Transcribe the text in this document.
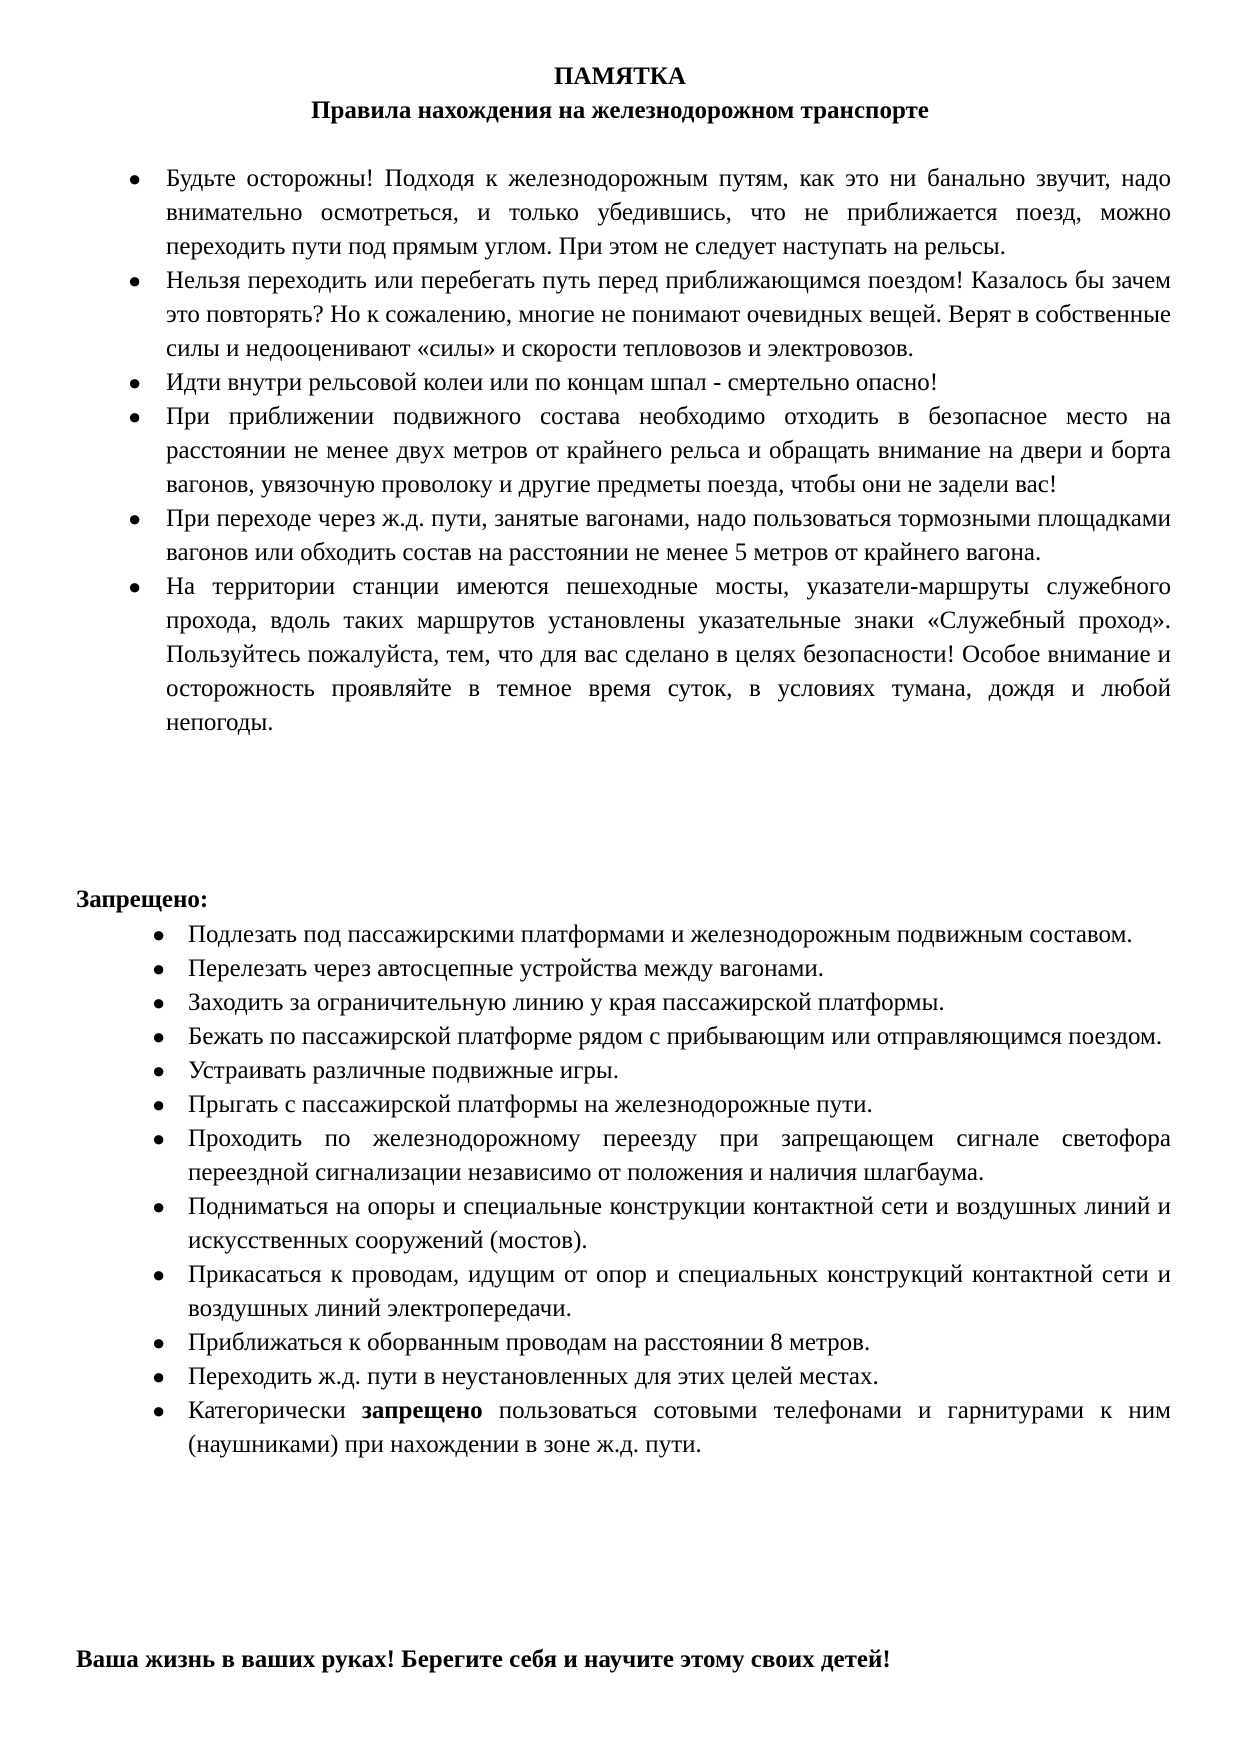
ПАМЯТКА
Правила нахождения на железнодорожном транспорте
● Будьте осторожны! Подходя к железнодорожным путям, как это ни банально звучит, надо внимательно осмотреться, и только убедившись, что не приближается поезд, можно переходить пути под прямым углом. При этом не следует наступать на рельсы.
● Нельзя переходить или перебегать путь перед приближающимся поездом! Казалось бы зачем это повторять? Но к сожалению, многие не понимают очевидных вещей. Верят в собственные силы и недооценивают «силы» и скорости тепловозов и электровозов.
● Идти внутри рельсовой колеи или по концам шпал - смертельно опасно!
● При приближении подвижного состава необходимо отходить в безопасное место на расстоянии не менее двух метров от крайнего рельса и обращать внимание на двери и борта вагонов, увязочную проволоку и другие предметы поезда, чтобы они не задели вас!
● При переходе через ж.д. пути, занятые вагонами, надо пользоваться тормозными площадками вагонов или обходить состав на расстоянии не менее 5 метров от крайнего вагона.
● На территории станции имеются пешеходные мосты, указатели-маршруты служебного прохода, вдоль таких маршрутов установлены указательные знаки «Служебный проход». Пользуйтесь пожалуйста, тем, что для вас сделано в целях безопасности! Особое внимание и осторожность проявляйте в темное время суток, в условиях тумана, дождя и любой непогоды.
Запрещено:
● Подлезать под пассажирскими платформами и железнодорожным подвижным составом.
● Перелезать через автосцепные устройства между вагонами.
● Заходить за ограничительную линию у края пассажирской платформы.
● Бежать по пассажирской платформе рядом с прибывающим или отправляющимся поездом.
● Устраивать различные подвижные игры.
● Прыгать с пассажирской платформы на железнодорожные пути.
● Проходить по железнодорожному переезду при запрещающем сигнале светофора переездной сигнализации независимо от положения и наличия шлагбаума.
● Подниматься на опоры и специальные конструкции контактной сети и воздушных линий и искусственных сооружений (мостов).
● Прикасаться к проводам, идущим от опор и специальных конструкций контактной сети и воздушных линий электропередачи.
● Приближаться к оборванным проводам на расстоянии 8 метров.
● Переходить ж.д. пути в неустановленных для этих целей местах.
● Категорически запрещено пользоваться сотовыми телефонами и гарнитурами к ним (наушниками) при нахождении в зоне ж.д. пути.
Ваша жизнь в ваших руках! Берегите себя и научите этому своих детей!
